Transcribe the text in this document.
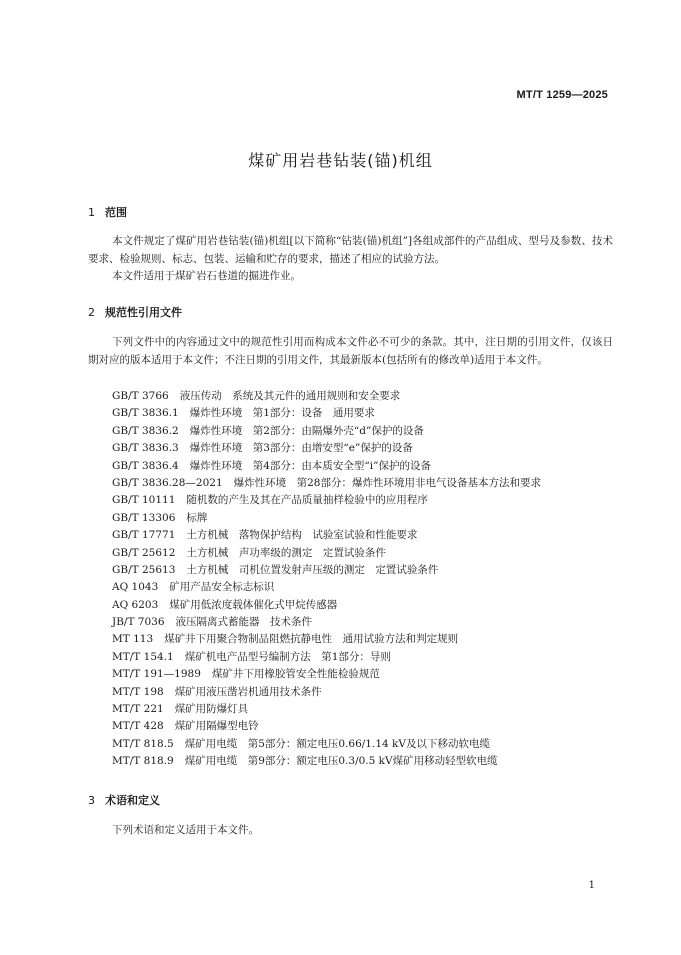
MT/T 1259—2025
煤矿用岩巷钻装(锚)机组
1 范围

本文件规定了煤矿用岩巷钻装(锚)机组[以下简称“钻装(锚)机组”]各组成部件的产品组成、型号及参数、技术要求、检验规则、标志、包装、运输和贮存的要求，描述了相应的试验方法。

本文件适用于煤矿岩石巷道的掘进作业。

2 规范性引用文件

下列文件中的内容通过文中的规范性引用而构成本文件必不可少的条款。其中，注日期的引用文件，仅该日期对应的版本适用于本文件；不注日期的引用文件，其最新版本(包括所有的修改单)适用于本文件。

GB/T 3766 液压传动　系统及其元件的通用规则和安全要求
GB/T 3836.1 爆炸性环境　第1部分：设备　通用要求
GB/T 3836.2 爆炸性环境　第2部分：由隔爆外壳“d”保护的设备
GB/T 3836.3 爆炸性环境　第3部分：由增安型“e”保护的设备
GB/T 3836.4 爆炸性环境　第4部分：由本质安全型“i”保护的设备
GB/T 3836.28—2021 爆炸性环境　第28部分：爆炸性环境用非电气设备基本方法和要求
GB/T 10111 随机数的产生及其在产品质量抽样检验中的应用程序
GB/T 13306 标牌
GB/T 17771 土方机械　落物保护结构　试验室试验和性能要求
GB/T 25612 土方机械　声功率级的测定　定置试验条件
GB/T 25613 土方机械　司机位置发射声压级的测定　定置试验条件
AQ 1043 矿用产品安全标志标识
AQ 6203 煤矿用低浓度载体催化式甲烷传感器
JB/T 7036 液压隔离式蓄能器　技术条件
MT 113 煤矿井下用聚合物制品阻燃抗静电性　通用试验方法和判定规则
MT/T 154.1 煤矿机电产品型号编制方法　第1部分：导则
MT/T 191—1989 煤矿井下用橡胶管安全性能检验规范
MT/T 198 煤矿用液压凿岩机通用技术条件
MT/T 221 煤矿用防爆灯具
MT/T 428 煤矿用隔爆型电铃
MT/T 818.5 煤矿用电缆　第5部分：额定电压0.66/1.14 kV及以下移动软电缆
MT/T 818.9 煤矿用电缆　第9部分：额定电压0.3/0.5 kV煤矿用移动轻型软电缆
3 术语和定义

下列术语和定义适用于本文件。

1
